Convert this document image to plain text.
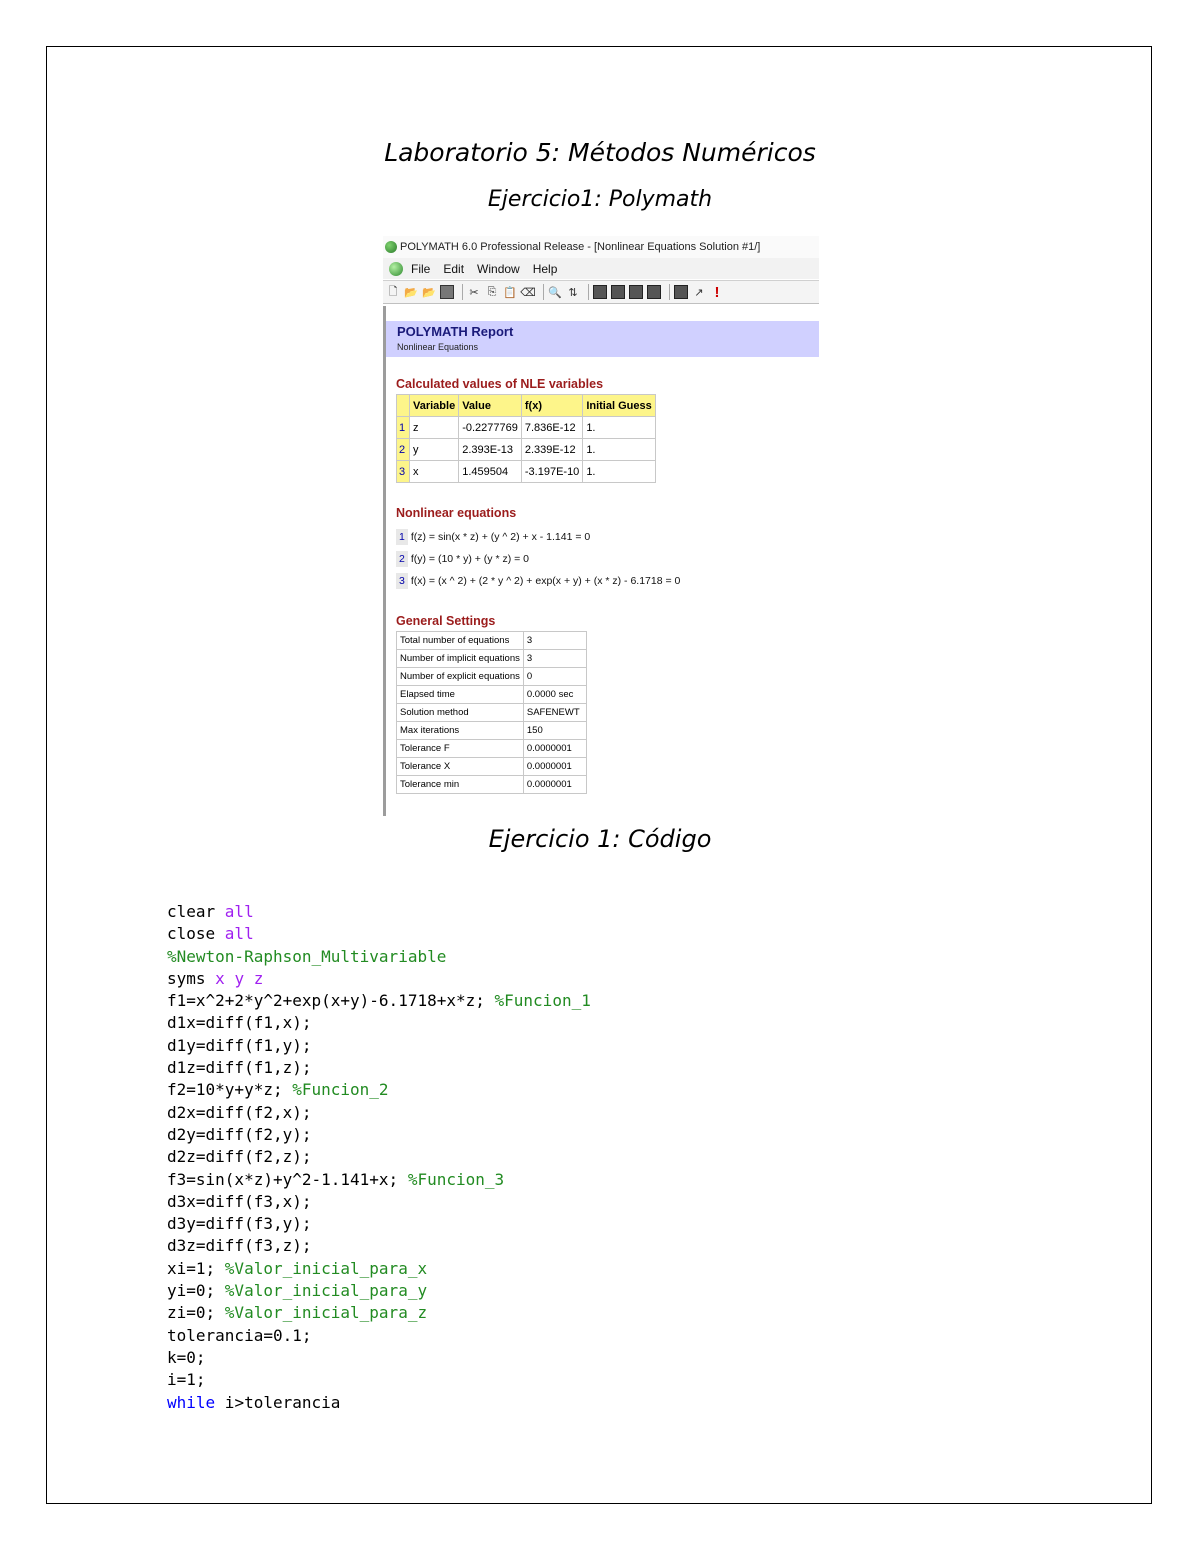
Laboratorio 5: Métodos Numéricos
Ejercicio1: Polymath
POLYMATH 6.0 Professional Release - [Nonlinear Equations Solution #1/]
File Edit Window Help
🗋 📂 📂	✂ ⎘ 📋 ⌫ 🔍 ⇅	↗ !
POLYMATH Report
Nonlinear Equations
Calculated values of NLE variables
	Variable	Value	f(x)	Initial Guess
1	z	-0.2277769	7.836E-12	1.
2	y	2.393E-13	2.339E-12	1.
3	x	1.459504	-3.197E-10	1.
Nonlinear equations
1 f(z) = sin(x * z) + (y ^ 2) + x - 1.141 = 0
2 f(y) = (10 * y) + (y * z) = 0
3 f(x) = (x ^ 2) + (2 * y ^ 2) + exp(x + y) + (x * z) - 6.1718 = 0
General Settings
Total number of equations	3
Number of implicit equations	3
Number of explicit equations	0
Elapsed time	0.0000 sec
Solution method	SAFENEWT
Max iterations	150
Tolerance F	0.0000001
Tolerance X	0.0000001
Tolerance min	0.0000001
Ejercicio 1: Código
clear all
close all
%Newton-Raphson_Multivariable
syms x y z
f1=x^2+2*y^2+exp(x+y)-6.1718+x*z; %Funcion_1
d1x=diff(f1,x);
d1y=diff(f1,y);
d1z=diff(f1,z);
f2=10*y+y*z; %Funcion_2
d2x=diff(f2,x);
d2y=diff(f2,y);
d2z=diff(f2,z);
f3=sin(x*z)+y^2-1.141+x; %Funcion_3
d3x=diff(f3,x);
d3y=diff(f3,y);
d3z=diff(f3,z);
xi=1; %Valor_inicial_para_x
yi=0; %Valor_inicial_para_y
zi=0; %Valor_inicial_para_z
tolerancia=0.1;
k=0;
i=1;
while i>tolerancia
